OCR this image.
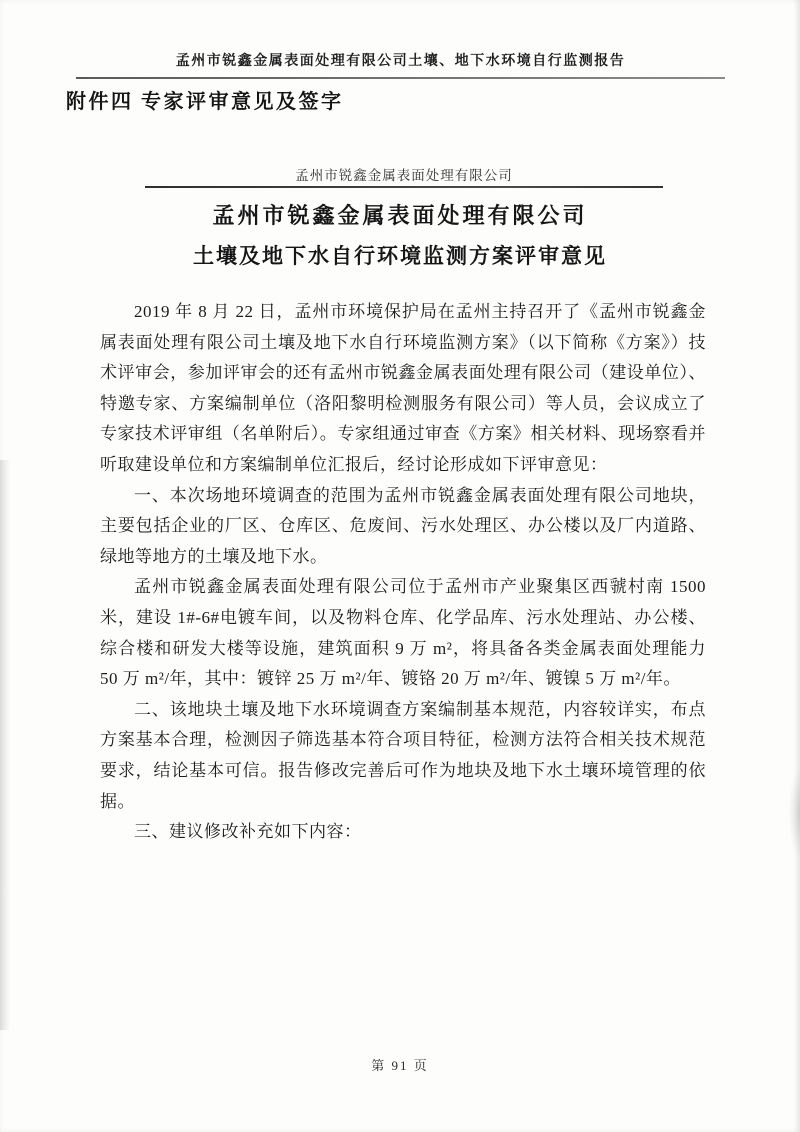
孟州市锐鑫金属表面处理有限公司土壤、地下水环境自行监测报告
附件四 专家评审意见及签字
孟州市锐鑫金属表面处理有限公司
孟州市锐鑫金属表面处理有限公司
土壤及地下水自行环境监测方案评审意见

2019 年 8 月 22 日，孟州市环境保护局在孟州主持召开了《孟州市锐鑫金属表面处理有限公司土壤及地下水自行环境监测方案》（以下简称《方案》）技术评审会，参加评审会的还有孟州市锐鑫金属表面处理有限公司（建设单位）、特邀专家、方案编制单位（洛阳黎明检测服务有限公司）等人员，会议成立了专家技术评审组（名单附后）。专家组通过审查《方案》相关材料、现场察看并听取建设单位和方案编制单位汇报后，经讨论形成如下评审意见：

一、本次场地环境调查的范围为孟州市锐鑫金属表面处理有限公司地块，主要包括企业的厂区、仓库区、危废间、污水处理区、办公楼以及厂内道路、绿地等地方的土壤及地下水。

孟州市锐鑫金属表面处理有限公司位于孟州市产业聚集区西虢村南 1500 米，建设 1#-6#电镀车间，以及物料仓库、化学品库、污水处理站、办公楼、综合楼和研发大楼等设施，建筑面积 9 万 m²，将具备各类金属表面处理能力 50 万 m²/年，其中：镀锌 25 万 m²/年、镀铬 20 万 m²/年、镀镍 5 万 m²/年。

二、该地块土壤及地下水环境调查方案编制基本规范，内容较详实，布点方案基本合理，检测因子筛选基本符合项目特征，检测方法符合相关技术规范要求，结论基本可信。报告修改完善后可作为地块及地下水土壤环境管理的依据。

三、建议修改补充如下内容：

第 91 页
